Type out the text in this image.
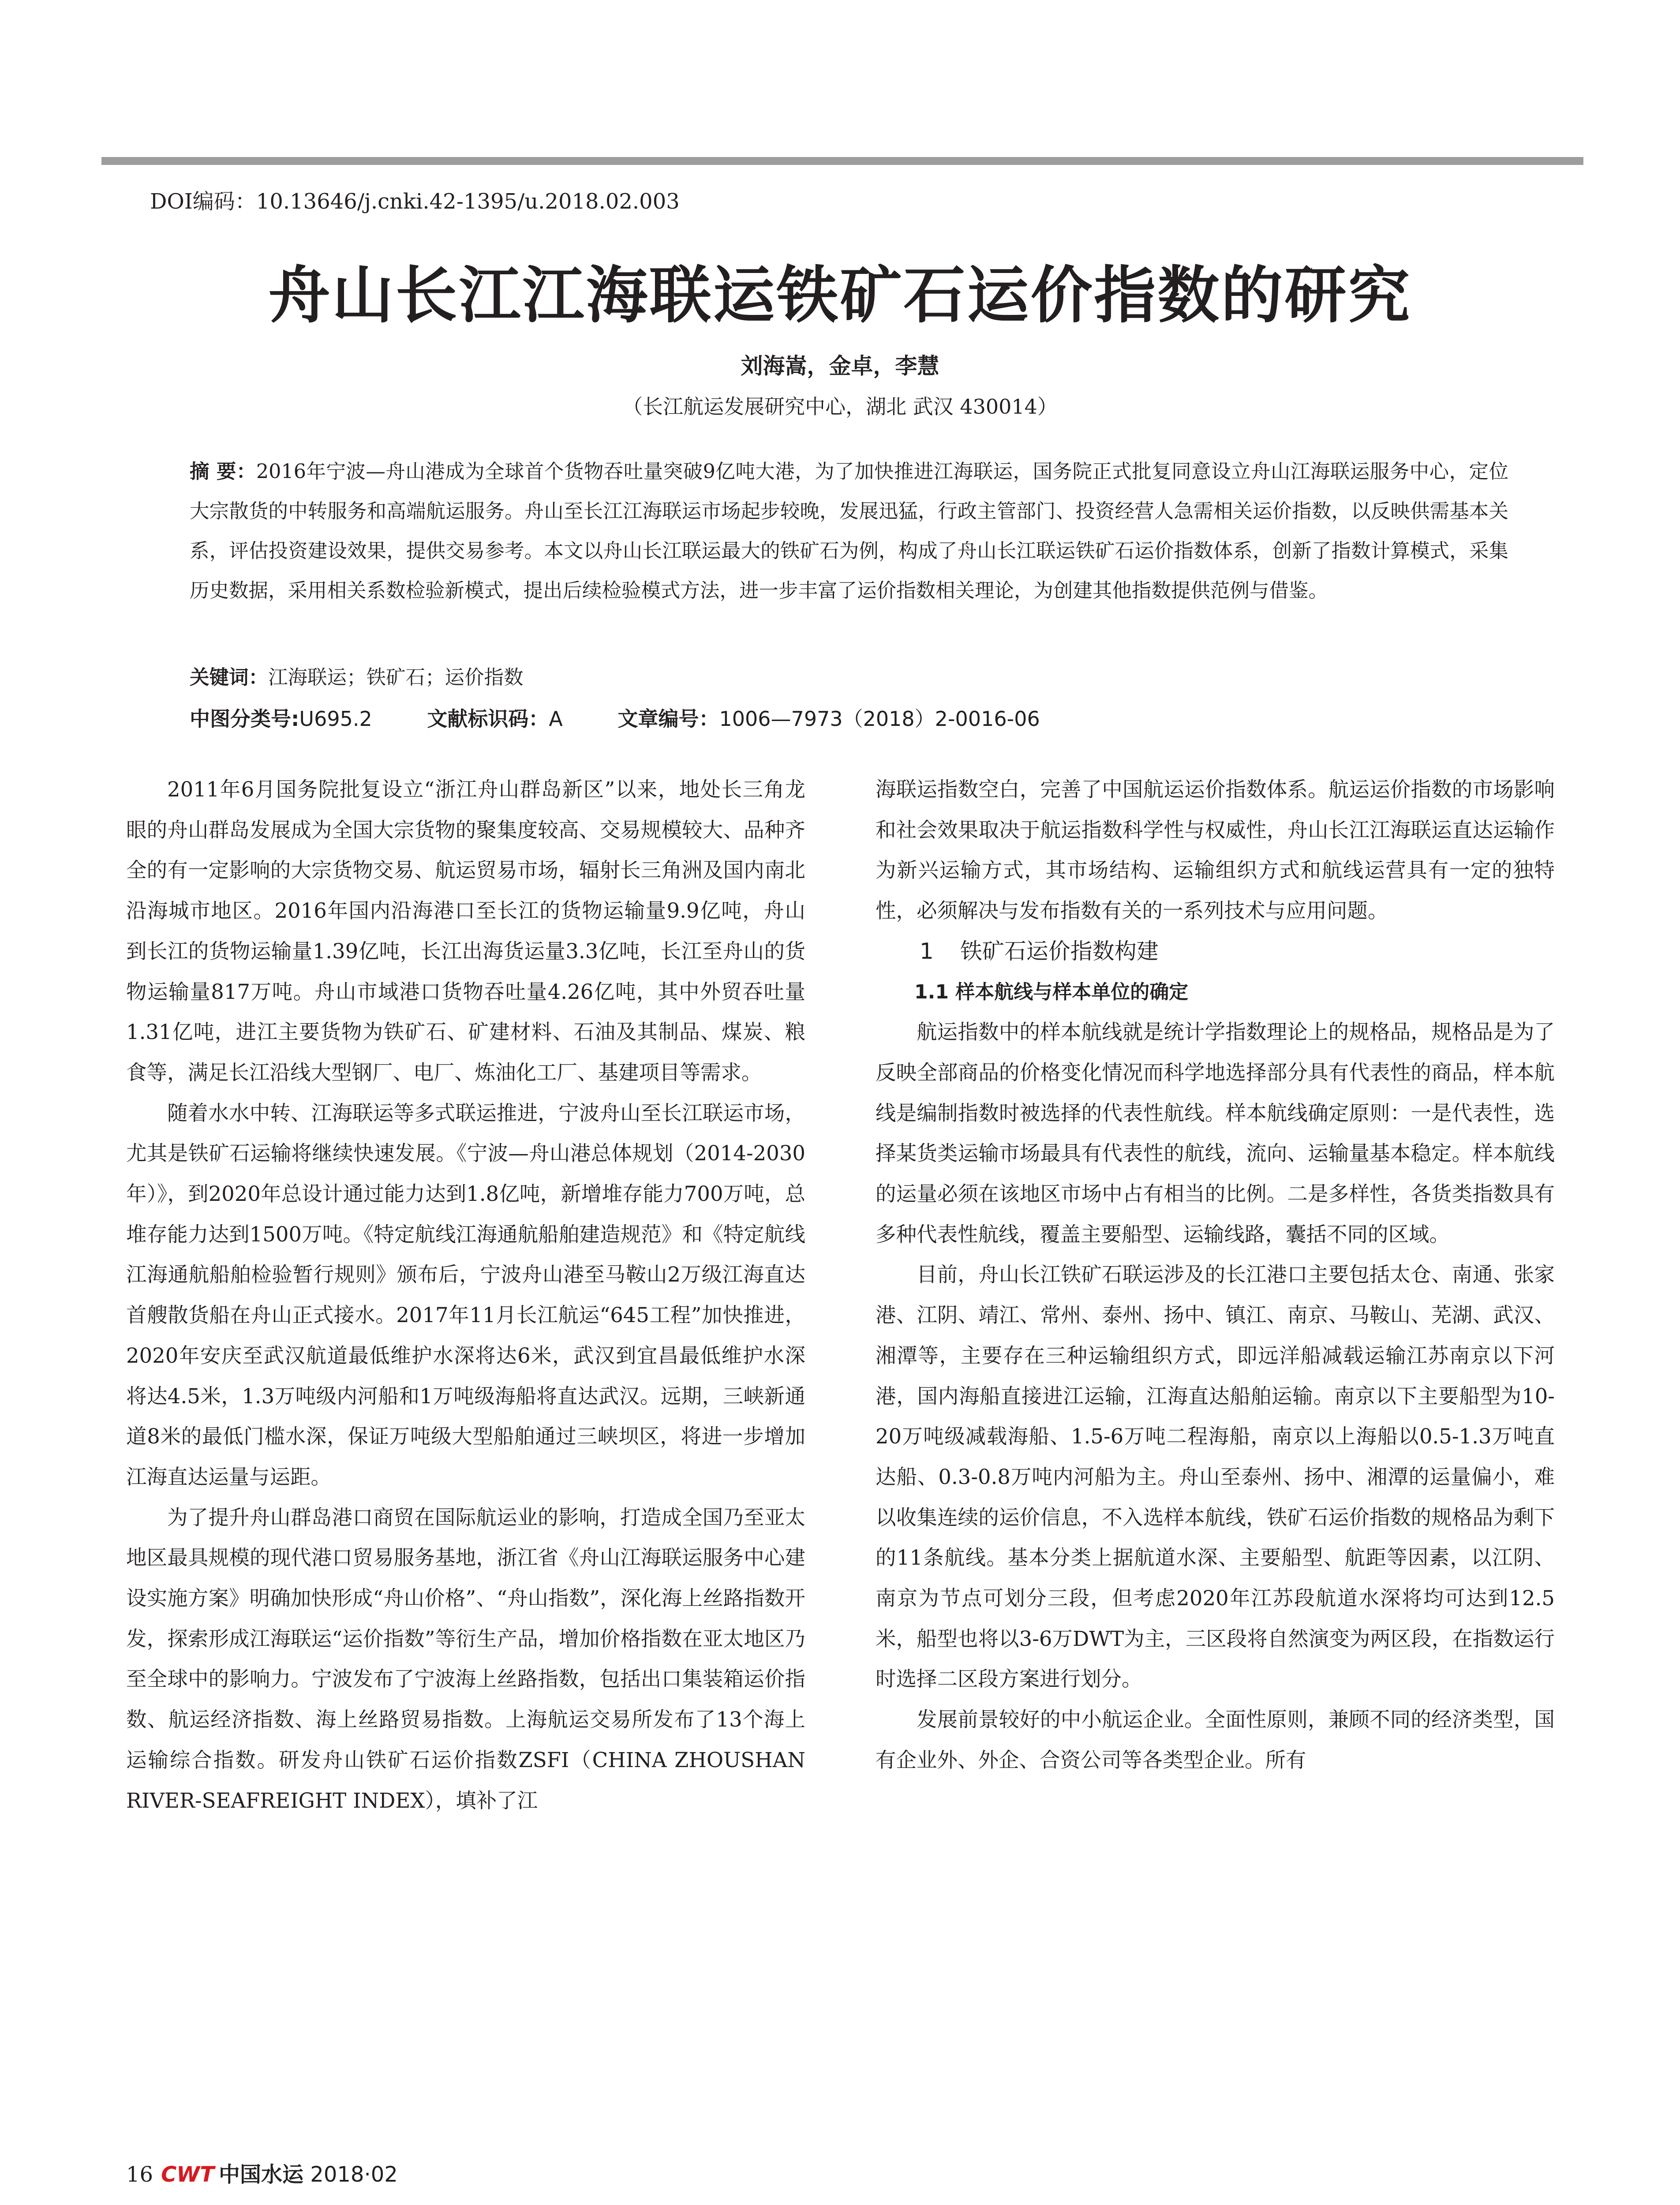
DOI编码：10.13646/j.cnki.42-1395/u.2018.02.003
舟山长江江海联运铁矿石运价指数的研究
刘海嵩，金卓，李慧
（长江航运发展研究中心，湖北 武汉 430014）
摘 要：2016年宁波—舟山港成为全球首个货物吞吐量突破9亿吨大港，为了加快推进江海联运，国务院正式批复同意设立舟山江海联运服务中心，定位大宗散货的中转服务和高端航运服务。舟山至长江江海联运市场起步较晚，发展迅猛，行政主管部门、投资经营人急需相关运价指数，以反映供需基本关系，评估投资建设效果，提供交易参考。本文以舟山长江联运最大的铁矿石为例，构成了舟山长江联运铁矿石运价指数体系，创新了指数计算模式，采集历史数据，采用相关系数检验新模式，提出后续检验模式方法，进一步丰富了运价指数相关理论，为创建其他指数提供范例与借鉴。
关键词：江海联运；铁矿石；运价指数
中图分类号:U695.2	文献标识码：A	文章编号：1006—7973（2018）2-0016-06

2011年6月国务院批复设立“浙江舟山群岛新区”以来，地处长三角龙眼的舟山群岛发展成为全国大宗货物的聚集度较高、交易规模较大、品种齐全的有一定影响的大宗货物交易、航运贸易市场，辐射长三角洲及国内南北沿海城市地区。2016年国内沿海港口至长江的货物运输量9.9亿吨，舟山到长江的货物运输量1.39亿吨，长江出海货运量3.3亿吨，长江至舟山的货物运输量817万吨。舟山市域港口货物吞吐量4.26亿吨，其中外贸吞吐量1.31亿吨，进江主要货物为铁矿石、矿建材料、石油及其制品、煤炭、粮食等，满足长江沿线大型钢厂、电厂、炼油化工厂、基建项目等需求。

随着水水中转、江海联运等多式联运推进，宁波舟山至长江联运市场，尤其是铁矿石运输将继续快速发展。《宁波—舟山港总体规划（2014-2030年）》，到2020年总设计通过能力达到1.8亿吨，新增堆存能力700万吨，总堆存能力达到1500万吨。《特定航线江海通航船舶建造规范》和《特定航线江海通航船舶检验暂行规则》颁布后，宁波舟山港至马鞍山2万级江海直达首艘散货船在舟山正式接水。2017年11月长江航运“645工程”加快推进，2020年安庆至武汉航道最低维护水深将达6米，武汉到宜昌最低维护水深将达4.5米，1.3万吨级内河船和1万吨级海船将直达武汉。远期，三峡新通道8米的最低门槛水深，保证万吨级大型船舶通过三峡坝区，将进一步增加江海直达运量与运距。

为了提升舟山群岛港口商贸在国际航运业的影响，打造成全国乃至亚太地区最具规模的现代港口贸易服务基地，浙江省《舟山江海联运服务中心建设实施方案》明确加快形成“舟山价格”、“舟山指数”，深化海上丝路指数开发，探索形成江海联运“运价指数”等衍生产品，增加价格指数在亚太地区乃至全球中的影响力。宁波发布了宁波海上丝路指数，包括出口集装箱运价指数、航运经济指数、海上丝路贸易指数。上海航运交易所发布了13个海上运输综合指数。研发舟山铁矿石运价指数ZSFI（CHINA ZHOUSHAN RIVER-SEAFREIGHT INDEX），填补了江

海联运指数空白，完善了中国航运运价指数体系。航运运价指数的市场影响和社会效果取决于航运指数科学性与权威性，舟山长江江海联运直达运输作为新兴运输方式，其市场结构、运输组织方式和航线运营具有一定的独特性，必须解决与发布指数有关的一系列技术与应用问题。

1 铁矿石运价指数构建

1.1 样本航线与样本单位的确定

航运指数中的样本航线就是统计学指数理论上的规格品，规格品是为了反映全部商品的价格变化情况而科学地选择部分具有代表性的商品，样本航线是编制指数时被选择的代表性航线。样本航线确定原则：一是代表性，选择某货类运输市场最具有代表性的航线，流向、运输量基本稳定。样本航线的运量必须在该地区市场中占有相当的比例。二是多样性，各货类指数具有多种代表性航线，覆盖主要船型、运输线路，囊括不同的区域。

目前，舟山长江铁矿石联运涉及的长江港口主要包括太仓、南通、张家港、江阴、靖江、常州、泰州、扬中、镇江、南京、马鞍山、芜湖、武汉、湘潭等，主要存在三种运输组织方式，即远洋船减载运输江苏南京以下河港，国内海船直接进江运输，江海直达船舶运输。南京以下主要船型为10-20万吨级减载海船、1.5-6万吨二程海船，南京以上海船以0.5-1.3万吨直达船、0.3-0.8万吨内河船为主。舟山至泰州、扬中、湘潭的运量偏小，难以收集连续的运价信息，不入选样本航线，铁矿石运价指数的规格品为剩下的11条航线。基本分类上据航道水深、主要船型、航距等因素，以江阴、南京为节点可划分三段，但考虑2020年江苏段航道水深将均可达到12.5米，船型也将以3-6万DWT为主，三区段将自然演变为两区段，在指数运行时选择二区段方案进行划分。

发展前景较好的中小航运企业。全面性原则，兼顾不同的经济类型，国有企业外、外企、合资公司等各类型企业。所有

16 CWT 中国水运 2018·02
